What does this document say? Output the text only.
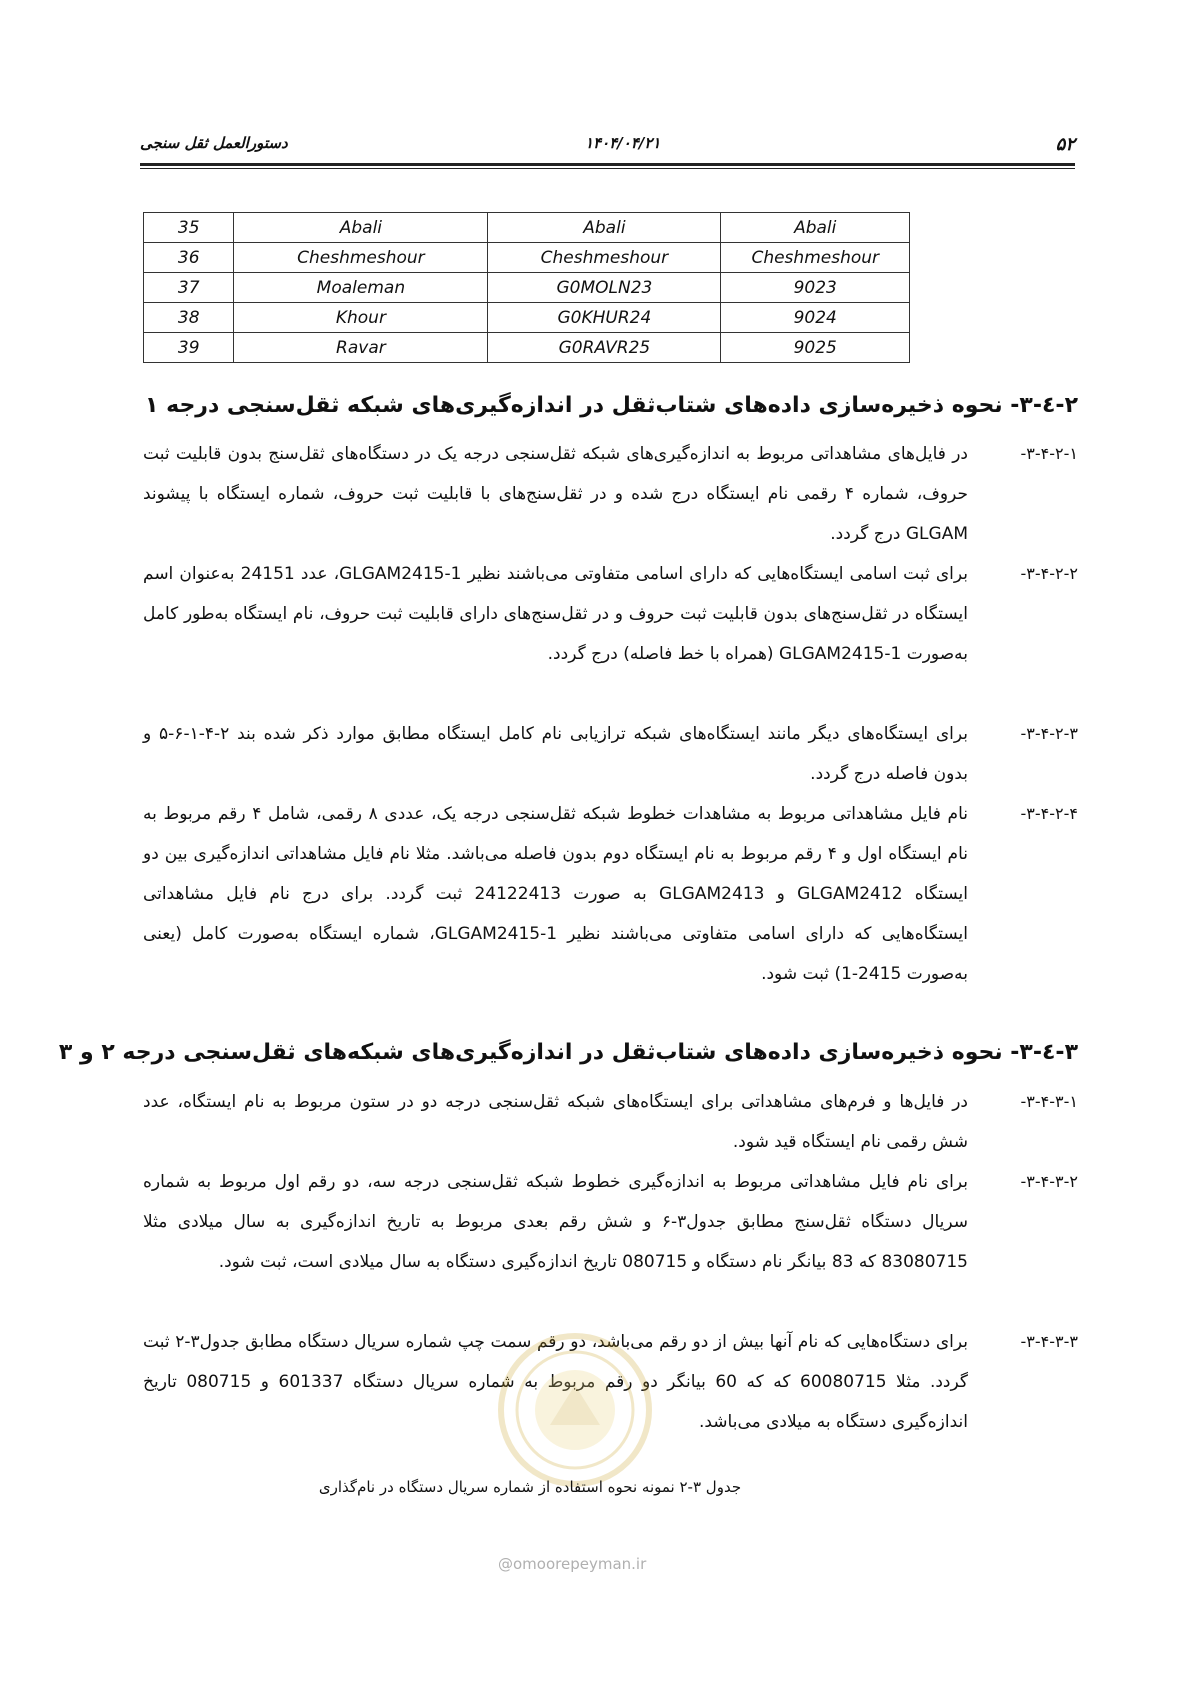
۵۲
۱۴۰۴/۰۴/۲۱
دستورالعمل ثقل سنجی
35	Abali	Abali	Abali
36	Cheshmeshour	Cheshmeshour	Cheshmeshour
37	Moaleman	G0MOLN23	9023
38	Khour	G0KHUR24	9024
39	Ravar	G0RAVR25	9025
۲-٤-۳- نحوه ذخیره‌سازی داده‌های شتاب‌ثقل در اندازه‌گیری‌های شبکه ثقل‌سنجی درجه ۱
۳-۴-۲-۱-
در فایل‌های مشاهداتی مربوط به اندازه‌گیری‌های شبکه ثقل‌سنجی درجه یک در دستگاه‌های ثقل‌سنج بدون قابلیت ثبت حروف، شماره ۴ رقمی نام ایستگاه درج شده و در ثقل‌سنج‌های با قابلیت ثبت حروف، شماره ایستگاه با پیشوند GLGAM درج گردد.
۳-۴-۲-۲-
برای ثبت اسامی ایستگاه‌هایی که دارای اسامی متفاوتی می‌باشند نظیر GLGAM2415-1، عدد 24151 به‌عنوان اسم ایستگاه در ثقل‌سنج‌های بدون قابلیت ثبت حروف و در ثقل‌سنج‌های دارای قابلیت ثبت حروف، نام ایستگاه به‌طور کامل به‌صورت GLGAM2415-1 (همراه با خط فاصله) درج گردد.
۳-۴-۲-۳-
برای ایستگاه‌های دیگر مانند ایستگاه‌های شبکه ترازیابی نام کامل ایستگاه مطابق موارد ذکر شده بند ۲-۴-۱-۶-۵ و بدون فاصله درج گردد.
۳-۴-۲-۴-
نام فایل مشاهداتی مربوط به مشاهدات خطوط شبکه ثقل‌سنجی درجه یک، عددی ۸ رقمی، شامل ۴ رقم مربوط به نام ایستگاه اول و ۴ رقم مربوط به نام ایستگاه دوم بدون فاصله می‌باشد. مثلا نام فایل مشاهداتی اندازه‌گیری بین دو ایستگاه GLGAM2412 و GLGAM2413 به صورت 24122413 ثبت گردد. برای درج نام فایل مشاهداتی ایستگاه‌هایی که دارای اسامی متفاوتی می‌باشند نظیر GLGAM2415-1، شماره ایستگاه به‌صورت کامل (یعنی به‌صورت 2415-1) ثبت شود.
۳-٤-۳- نحوه ذخیره‌سازی داده‌های شتاب‌ثقل در اندازه‌گیری‌های شبکه‌های ثقل‌سنجی درجه ۲ و ۳
۳-۴-۳-۱-
در فایل‌ها و فرم‌های مشاهداتی برای ایستگاه‌های شبکه ثقل‌سنجی درجه دو در ستون مربوط به نام ایستگاه، عدد شش رقمی نام ایستگاه قید شود.
۳-۴-۳-۲-
برای نام فایل مشاهداتی مربوط به اندازه‌گیری خطوط شبکه ثقل‌سنجی درجه سه، دو رقم اول مربوط به شماره سریال دستگاه ثقل‌سنج مطابق جدول۳-۶ و شش رقم بعدی مربوط به تاریخ اندازه‌گیری به سال میلادی مثلا 83080715 که 83 بیانگر نام دستگاه و 080715 تاریخ اندازه‌گیری دستگاه به سال میلادی است، ثبت شود.
۳-۴-۳-۳-
برای دستگاه‌هایی که نام آنها بیش از دو رقم می‌باشد، دو رقم سمت چپ شماره سریال دستگاه مطابق جدول۳-۲ ثبت گردد. مثلا 60080715 که که 60 بیانگر دو رقم مربوط به شماره سریال دستگاه 601337 و 080715 تاریخ اندازه‌گیری دستگاه به میلادی می‌باشد.
جدول ۳-۲ نمونه نحوه استفاده از شماره سریال دستگاه در نام‌گذاری
@omoorepeyman.ir
